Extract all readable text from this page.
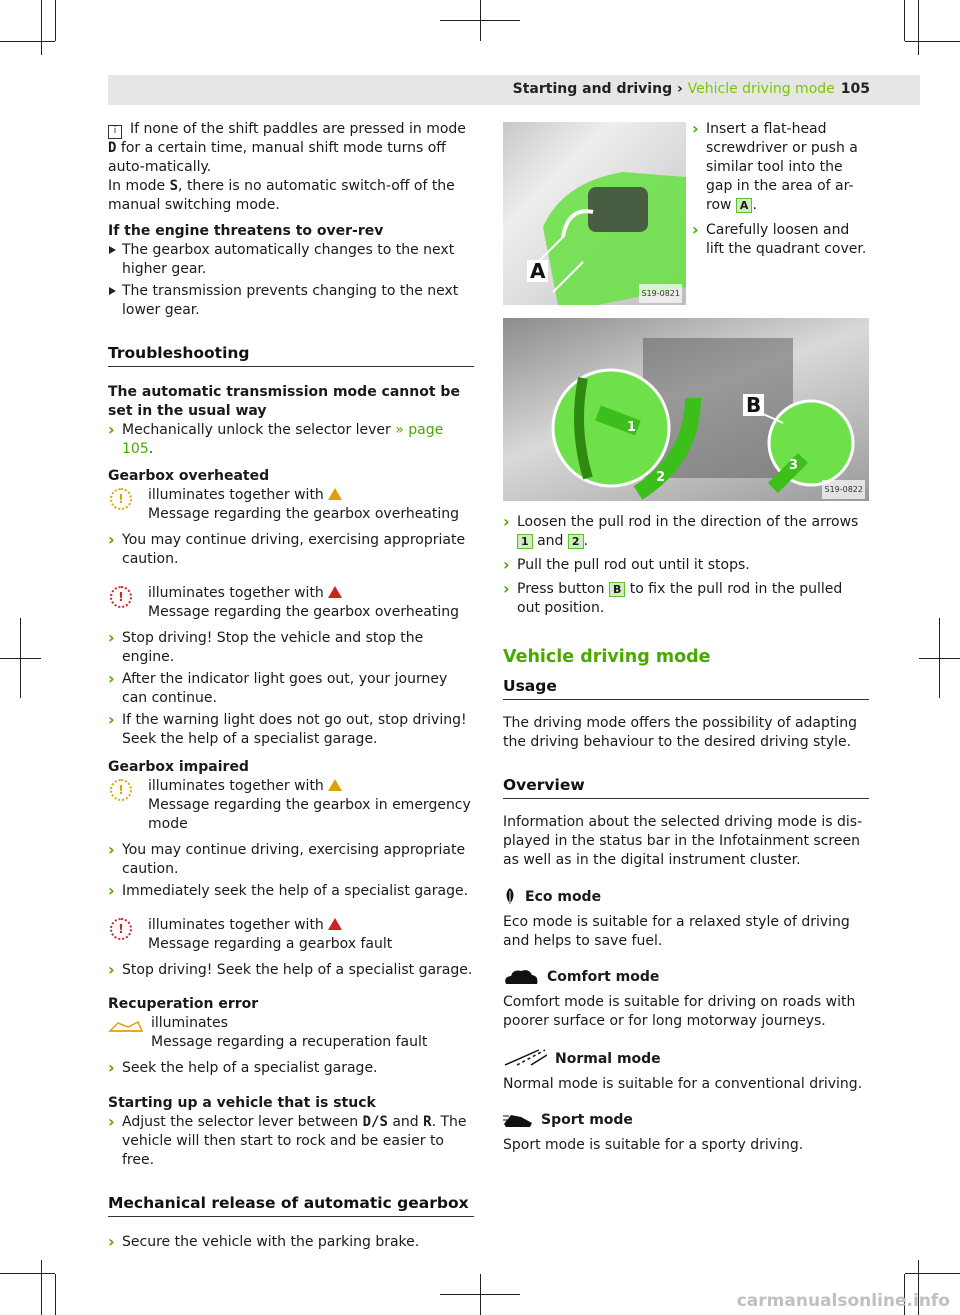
Starting and driving › Vehicle driving mode 105

i If none of the shift paddles are pressed in mode D for a certain time, manual shift mode turns off auto-matically.

In mode S, there is no automatic switch-off of the manual switching mode.

If the engine threatens to over-rev

The gearbox automatically changes to the next higher gear.

The transmission prevents changing to the next lower gear.

Troubleshooting

The automatic transmission mode cannot be set in the usual way

› Mechanically unlock the selector lever » page 105.

Gearbox overheated

!	illuminates together with

Message regarding the gearbox overheating

› You may continue driving, exercising appropriate caution.

!	illuminates together with

Message regarding the gearbox overheating

› Stop driving! Stop the vehicle and stop the engine.

› After the indicator light goes out, your journey can continue.

› If the warning light does not go out, stop driving! Seek the help of a specialist garage.

Gearbox impaired

!	illuminates together with

Message regarding the gearbox in emergency mode

› You may continue driving, exercising appropriate caution.

› Immediately seek the help of a specialist garage.

!	illuminates together with

Message regarding a gearbox fault

› Stop driving! Seek the help of a specialist garage.

Recuperation error

illuminates

Message regarding a recuperation fault

› Seek the help of a specialist garage.

Starting up a vehicle that is stuck

› Adjust the selector lever between D/S and R. The vehicle will then start to rock and be easier to free.

Mechanical release of automatic gearbox

› Secure the vehicle with the parking brake.

A
S19-0821

› Insert a flat-head screwdriver or push a similar tool into the gap in the area of ar-row A .

› Carefully loosen and lift the quadrant cover.

1
2
3
B
S19-0822

› Loosen the pull rod in the direction of the arrows 1 and 2 .

› Pull the pull rod out until it stops.

› Press button B to fix the pull rod in the pulled out position.

Vehicle driving mode

Usage

The driving mode offers the possibility of adapting the driving behaviour to the desired driving style.

Overview

Information about the selected driving mode is dis-played in the status bar in the Infotainment screen as well as in the digital instrument cluster.

Eco mode

Eco mode is suitable for a relaxed style of driving and helps to save fuel.

Comfort mode

Comfort mode is suitable for driving on roads with poorer surface or for long motorway journeys.

Normal mode

Normal mode is suitable for a conventional driving.

Sport mode

Sport mode is suitable for a sporty driving.

carmanualsonline.info
